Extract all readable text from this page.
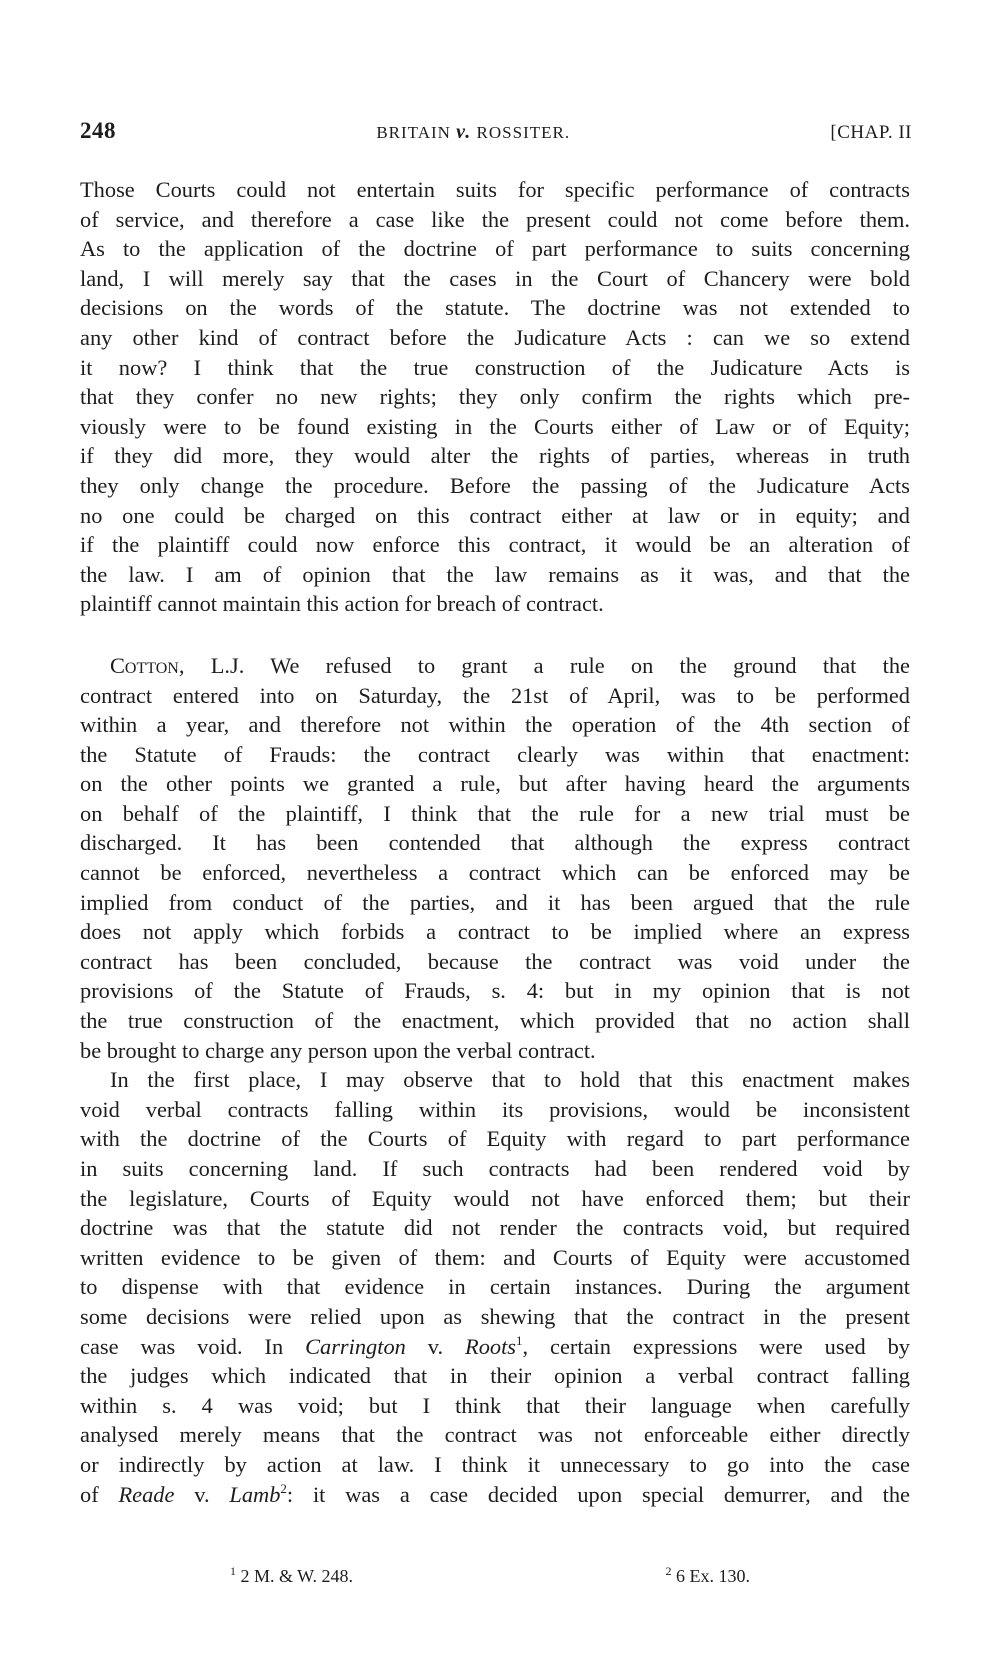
248	BRITAIN v. ROSSITER.	[CHAP. II
Those Courts could not entertain suits for specific performance of contracts
of service, and therefore a case like the present could not come before them.
As to the application of the doctrine of part performance to suits concerning
land, I will merely say that the cases in the Court of Chancery were bold
decisions on the words of the statute. The doctrine was not extended to
any other kind of contract before the Judicature Acts : can we so extend
it now? I think that the true construction of the Judicature Acts is
that they confer no new rights; they only confirm the rights which pre-
viously were to be found existing in the Courts either of Law or of Equity;
if they did more, they would alter the rights of parties, whereas in truth
they only change the procedure. Before the passing of the Judicature Acts
no one could be charged on this contract either at law or in equity; and
if the plaintiff could now enforce this contract, it would be an alteration of
the law. I am of opinion that the law remains as it was, and that the
plaintiff cannot maintain this action for breach of contract.
Cotton, L.J. We refused to grant a rule on the ground that the
contract entered into on Saturday, the 21st of April, was to be performed
within a year, and therefore not within the operation of the 4th section of
the Statute of Frauds: the contract clearly was within that enactment:
on the other points we granted a rule, but after having heard the arguments
on behalf of the plaintiff, I think that the rule for a new trial must be
discharged. It has been contended that although the express contract
cannot be enforced, nevertheless a contract which can be enforced may be
implied from conduct of the parties, and it has been argued that the rule
does not apply which forbids a contract to be implied where an express
contract has been concluded, because the contract was void under the
provisions of the Statute of Frauds, s. 4: but in my opinion that is not
the true construction of the enactment, which provided that no action shall
be brought to charge any person upon the verbal contract.
In the first place, I may observe that to hold that this enactment makes
void verbal contracts falling within its provisions, would be inconsistent
with the doctrine of the Courts of Equity with regard to part performance
in suits concerning land. If such contracts had been rendered void by
the legislature, Courts of Equity would not have enforced them; but their
doctrine was that the statute did not render the contracts void, but required
written evidence to be given of them: and Courts of Equity were accustomed
to dispense with that evidence in certain instances. During the argument
some decisions were relied upon as shewing that the contract in the present
case was void. In Carrington v. Roots$^1$, certain expressions were used by
the judges which indicated that in their opinion a verbal contract falling
within s. 4 was void; but I think that their language when carefully
analysed merely means that the contract was not enforceable either directly
or indirectly by action at law. I think it unnecessary to go into the case
of Reade v. Lamb$^2$: it was a case decided upon special demurrer, and the
$^1$ 2 M. & W. 248.	$^2$ 6 Ex. 130.
